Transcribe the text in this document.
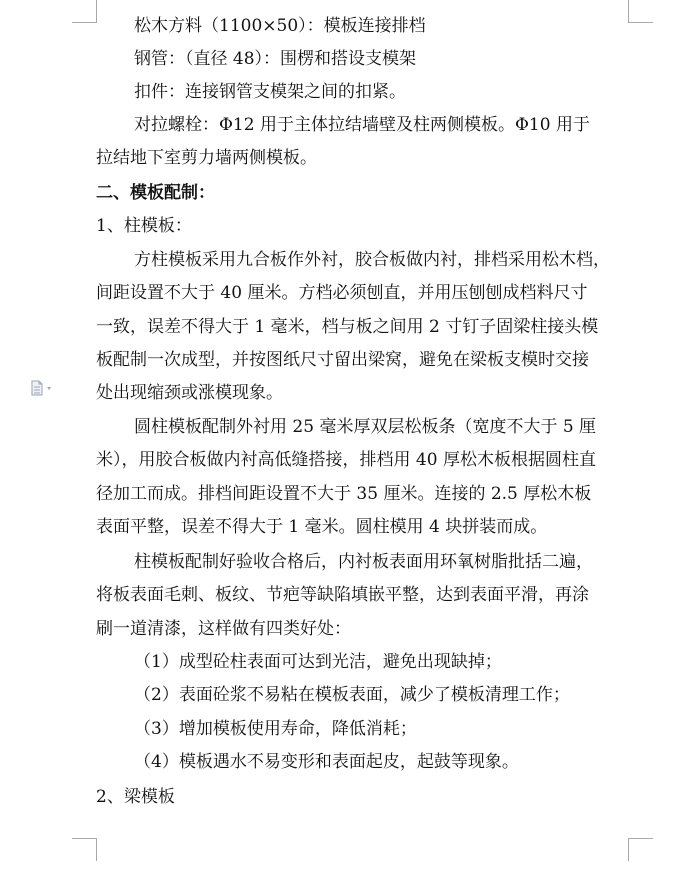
松木方料（1100×50）：模板连接排档
钢管：（直径 48）：围楞和搭设支模架
扣件：连接钢管支模架之间的扣紧。
对拉螺栓：Φ12 用于主体拉结墙壁及柱两侧模板。Φ10 用于
拉结地下室剪力墙两侧模板。
二、模板配制：
1、柱模板：
方柱模板采用九合板作外衬，胶合板做内衬，排档采用松木档，
间距设置不大于 40 厘米。方档必须刨直，并用压刨刨成档料尺寸
一致，误差不得大于 1 毫米，档与板之间用 2 寸钉子固梁柱接头模
板配制一次成型，并按图纸尺寸留出梁窝，避免在梁板支模时交接
处出现缩颈或涨模现象。
圆柱模板配制外衬用 25 毫米厚双层松板条（宽度不大于 5 厘
米），用胶合板做内衬高低缝搭接，排档用 40 厚松木板根据圆柱直
径加工而成。排档间距设置不大于 35 厘米。连接的 2.5 厚松木板
表面平整，误差不得大于 1 毫米。圆柱模用 4 块拼装而成。
柱模板配制好验收合格后，内衬板表面用环氧树脂批括二遍，
将板表面毛刺、板纹、节疤等缺陷填嵌平整，达到表面平滑，再涂
刷一道清漆，这样做有四类好处：
（1）成型砼柱表面可达到光洁，避免出现缺掉；
（2）表面砼浆不易粘在模板表面，减少了模板清理工作；
（3）增加模板使用寿命，降低消耗；
（4）模板遇水不易变形和表面起皮，起鼓等现象。
2、梁模板
